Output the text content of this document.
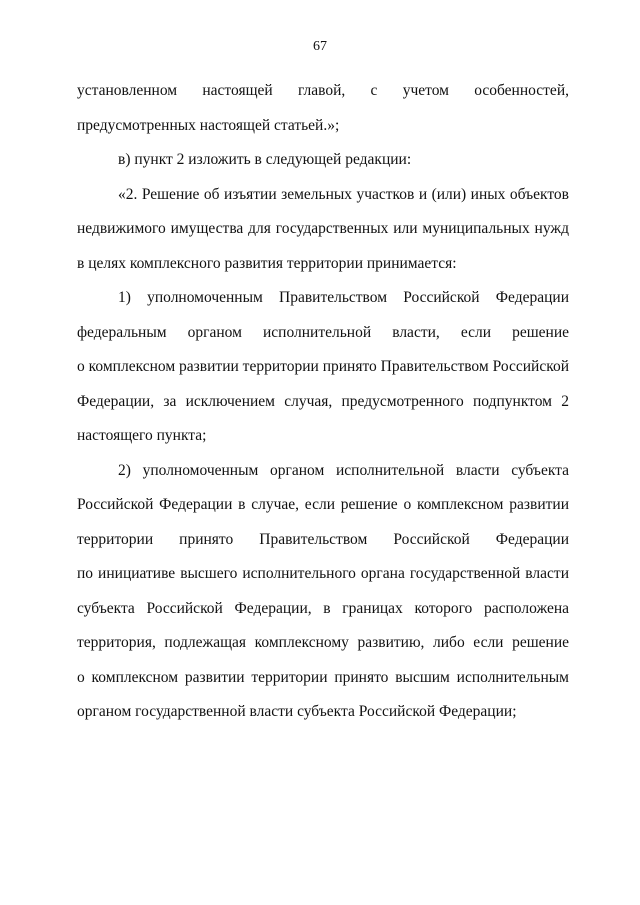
67
установленном настоящей главой, с учетом особенностей,
предусмотренных настоящей статьей.»;
в) пункт 2 изложить в следующей редакции:
«2. Решение об изъятии земельных участков и (или) иных объектов
недвижимого имущества для государственных или муниципальных нужд
в целях комплексного развития территории принимается:
1) уполномоченным Правительством Российской Федерации
федеральным органом исполнительной власти, если решение
о комплексном развитии территории принято Правительством Российской
Федерации, за исключением случая, предусмотренного подпунктом 2
настоящего пункта;
2) уполномоченным органом исполнительной власти субъекта
Российской Федерации в случае, если решение о комплексном развитии
территории принято Правительством Российской Федерации
по инициативе высшего исполнительного органа государственной власти
субъекта Российской Федерации, в границах которого расположена
территория, подлежащая комплексному развитию, либо если решение
о комплексном развитии территории принято высшим исполнительным
органом государственной власти субъекта Российской Федерации;
